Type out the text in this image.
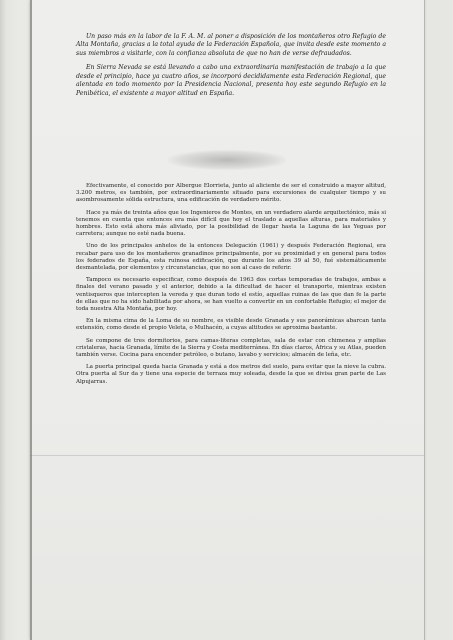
Un paso más en la labor de la F. A. M. al poner a disposición de los montañeros otro Refugio de Alta Montaña, gracias a la total ayuda de la Federación Española, que invita desde este momento a sus miembros a visitarle, con la confianza absoluta de que no han de verse defraudados.

En Sierra Nevada se está llevando a cabo una extraordinaria manifestación de trabajo a la que desde el principio, hace ya cuatro años, se incorporó decididamente esta Federación Regional, que alentada en todo momento por la Presidencia Nacional, presenta hoy este segundo Refugio en la Penibética, el existente a mayor altitud en España.

Efectivamente, el conocido por Albergue Elorrieta, junto al aliciente de ser el construido a mayor altitud, 3.200 metros, es también, por extraordinariamente situado para excursiones de cualquier tiempo y su asombrosamente sólida estructura, una edificación de verdadero mérito.

Hace ya más de treinta años que los Ingenieros de Montes, en un verdadero alarde arquitectónico, más si tenemos en cuenta que entonces era más difícil que hoy el traslado a aquellas alturas, para materiales y hombres. Esto está ahora más aliviado, por la posibilidad de llegar hasta la Laguna de las Yeguas por carretera; aunque no esté nada buena.

Uno de los principales anhelos de la entonces Delegación (1961) y después Federación Regional, era recabar para uso de los montañeros granadinos principalmente, por su proximidad y en general para todos los federados de España, esta ruinosa edificación, que durante los años 39 al 50, fué sistemáticamente desmantelada, por elementos y circunstancias, que no son al caso de referir.

Tampoco es necesario especificar, como después de 1963 dos cortas temporadas de trabajos, ambas a finales del verano pasado y el anterior, debido a la dificultad de hacer el transporte, mientras existen ventisqueros que intercepten la vereda y que duran todo el estío, aquellas ruinas de las que dan fe la parte de ellas que no ha sido habilitada por ahora, se han vuelto a convertir en un confortable Refugio; el mejor de toda nuestra Alta Montaña, por hoy.

En la misma cima de la Loma de su nombre, es visible desde Granada y sus panorámicas abarcan tanta extensión, como desde el propio Veleta, o Mulhacén, a cuyas altitudes se aproxima bastante.

Se compone de tres dormitorios, para camas-literas completas, sala de estar con chimenea y amplias cristaleras, hacia Granada, límite de la Sierra y Costa mediterránea. En días claros, África y su Atlas, pueden también verse. Cocina para encender petróleo, o butano, lavabo y servicios; almacén de leña, etc.

La puerta principal queda hacia Granada y está a dos metros del suelo, para evitar que la nieve la cubra. Otra puerta al Sur da y tiene una especie de terraza muy soleada, desde la que se divisa gran parte de Las Alpujarras.
